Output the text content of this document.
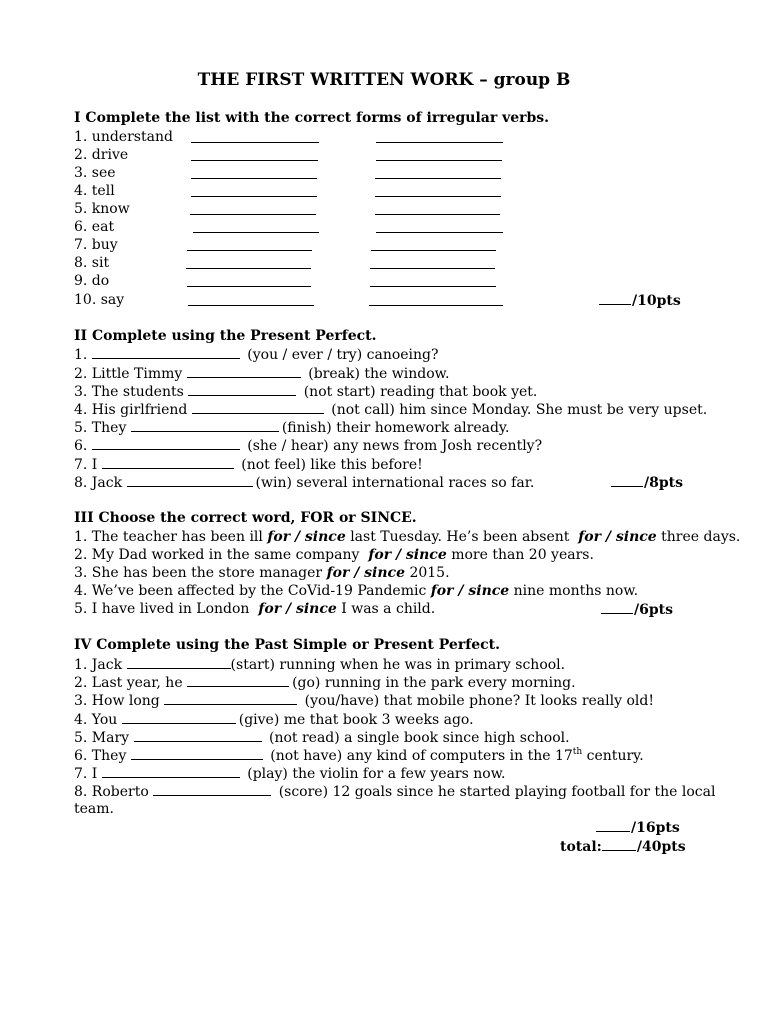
THE FIRST WRITTEN WORK – group B
I Complete the list with the correct forms of irregular verbs.
1. understand
2. drive
3. see
4. tell
5. know
6. eat
7. buy
8. sit
9. do
10. say	/10pts
II Complete using the Present Perfect.
1.	(you / ever / try) canoeing?
2. Little Timmy	(break) the window.
3. The students	(not start) reading that book yet.
4. His girlfriend	(not call) him since Monday. She must be very upset.
5. They	(finish) their homework already.
6.	(she / hear) any news from Josh recently?
7. I	(not feel) like this before!
8. Jack	(win) several international races so far.	/8pts
III Choose the correct word, FOR or SINCE.
1. The teacher has been ill for / since last Tuesday. He’s been absent for / since three days.
2. My Dad worked in the same company for / since more than 20 years.
3. She has been the store manager for / since 2015.
4. We’ve been affected by the CoVid-19 Pandemic for / since nine months now.
5. I have lived in London for / since I was a child.	/6pts
IV Complete using the Past Simple or Present Perfect.
1. Jack	(start) running when he was in primary school.
2. Last year, he	(go) running in the park every morning.
3. How long	(you/have) that mobile phone? It looks really old!
4. You	(give) me that book 3 weeks ago.
5. Mary	(not read) a single book since high school.
6. They	(not have) any kind of computers in the 17th century.
7. I	(play) the violin for a few years now.
8. Roberto	(score) 12 goals since he started playing football for the local
team.
/16pts
total:	/40pts
